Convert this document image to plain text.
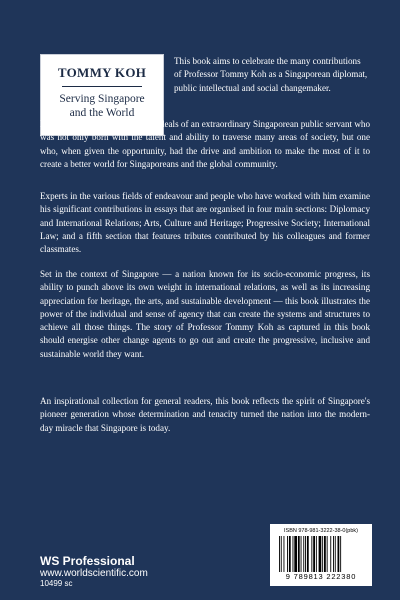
TOMMY KOH
Serving Singapore
and the World

This book aims to celebrate the many contributions of Professor Tommy Koh as a Singaporean diplomat, public intellectual and social changemaker.

It is an account of the ideas and ideals of an extraordinary Singaporean public servant who was not only born with the talent and ability to traverse many areas of society, but one who, when given the opportunity, had the drive and ambition to make the most of it to create a better world for Singaporeans and the global community.

Experts in the various fields of endeavour and people who have worked with him examine his significant contributions in essays that are organised in four main sections: Diplomacy and International Relations; Arts, Culture and Heritage; Progressive Society; International Law; and a fifth section that features tributes contributed by his colleagues and former classmates.

Set in the context of Singapore — a nation known for its socio-economic progress, its ability to punch above its own weight in international relations, as well as its increasing appreciation for heritage, the arts, and sustainable development — this book illustrates the power of the individual and sense of agency that can create the systems and structures to achieve all those things. The story of Professor Tommy Koh as captured in this book should energise other change agents to go out and create the progressive, inclusive and sustainable world they want.

An inspirational collection for general readers, this book reflects the spirit of Singapore's pioneer generation whose determination and tenacity turned the nation into the modern-day miracle that Singapore is today.

WS Professional
www.worldscientific.com
10499 sc
ISBN 978-981-3222-38-0(pbk)
9 789813 222380
